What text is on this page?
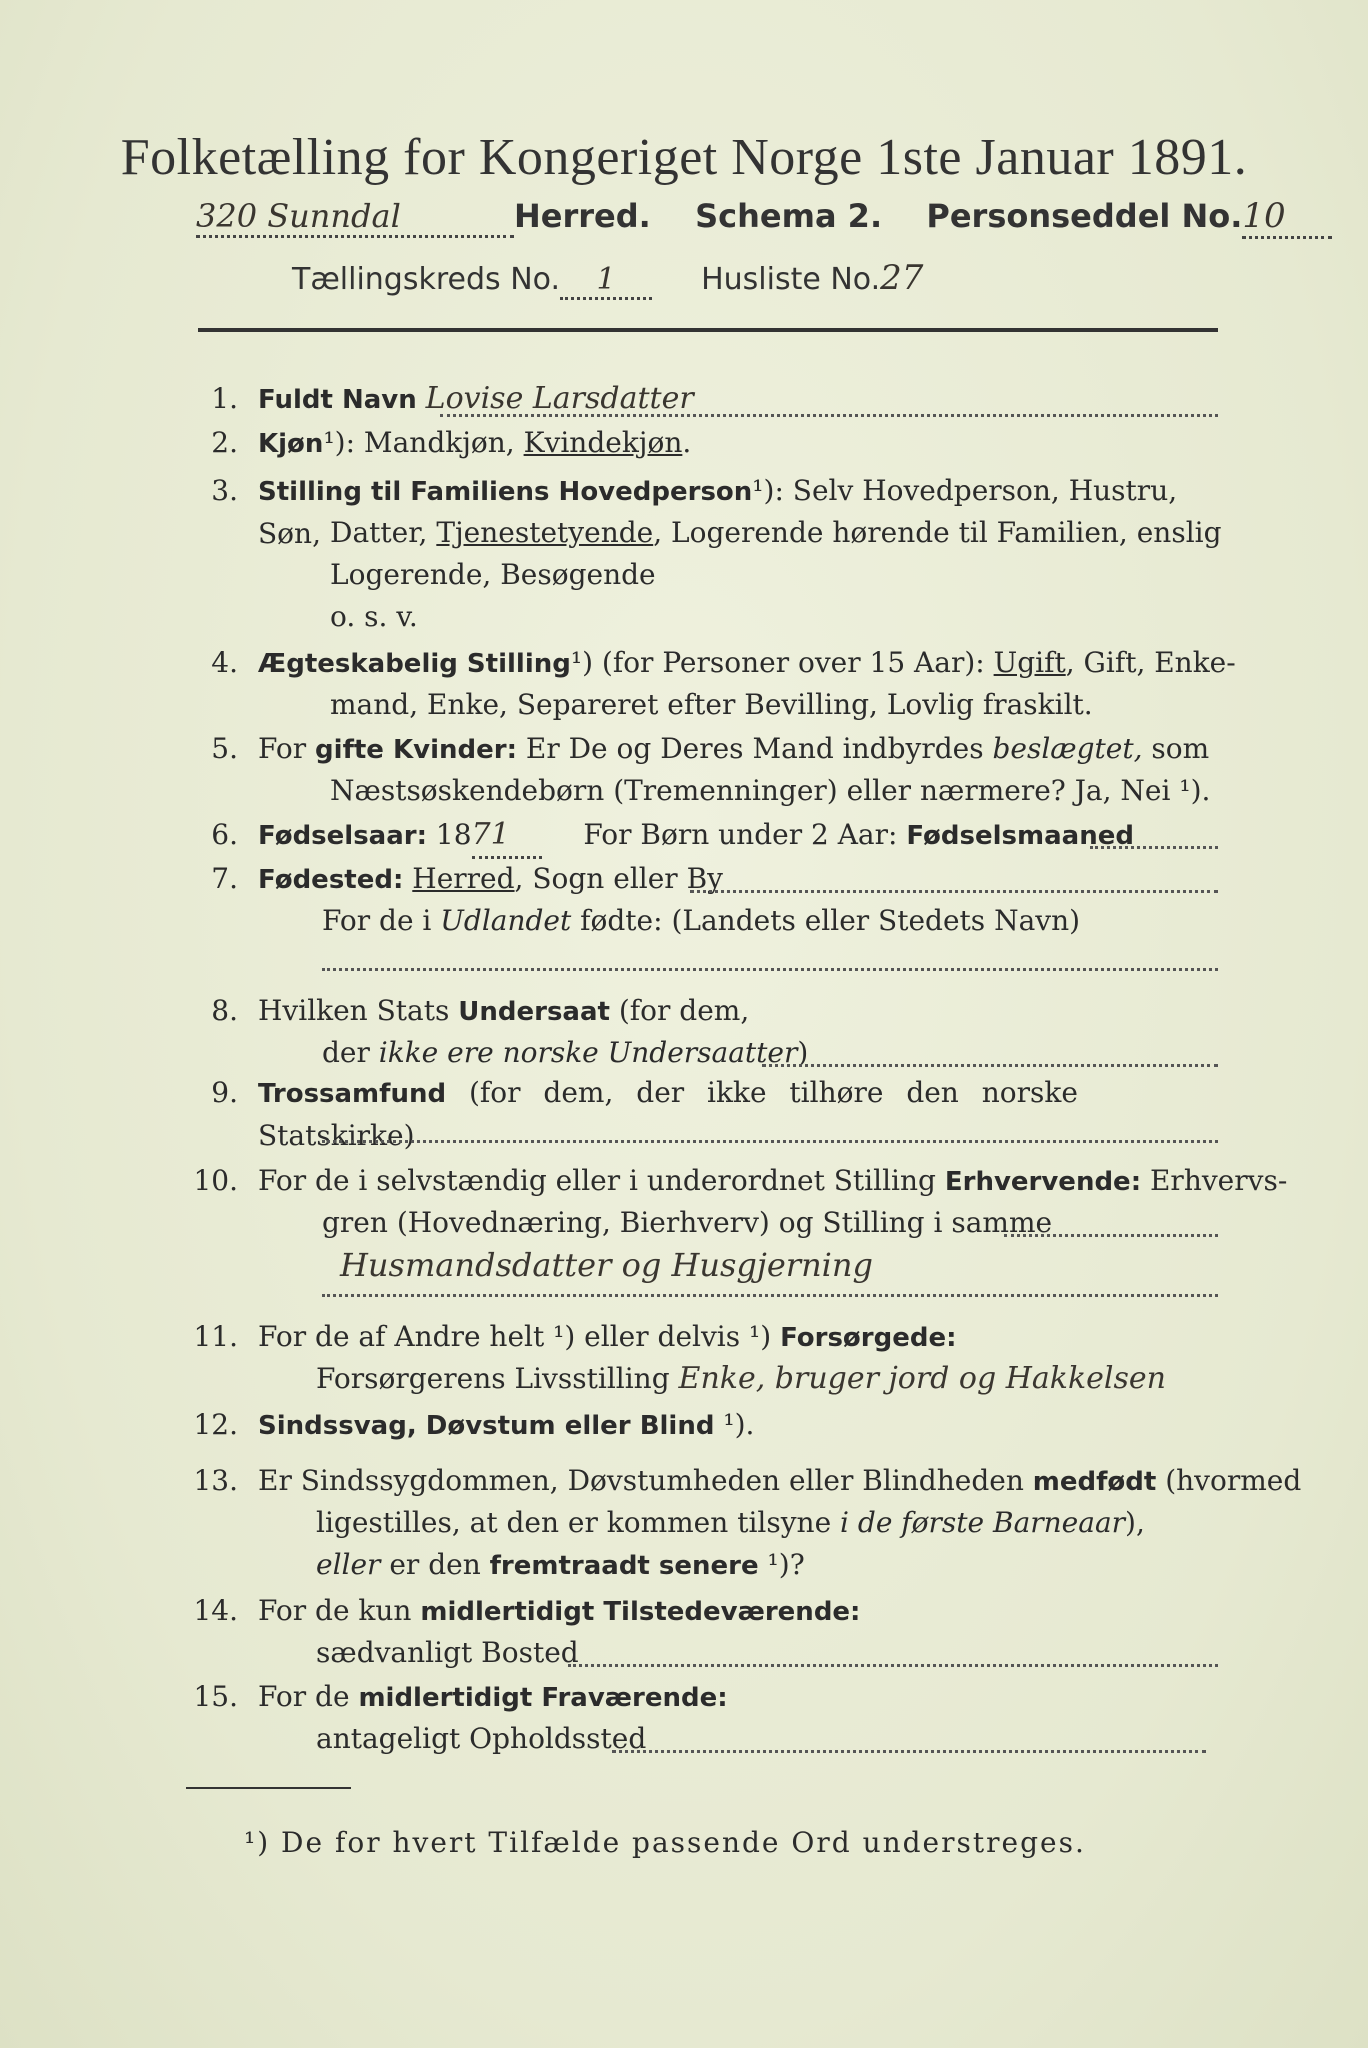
Folketælling for Kongeriget Norge 1ste Januar 1891.
320 Sunndal	Herred. Schema 2. Personseddel No.10
Tællingskreds No. 1	Husliste No.27
1. Fuldt Navn Lovise Larsdatter
2. Kjøn¹): Mandkjøn, Kvindekjøn.
3. Stilling til Familiens Hovedperson¹): Selv Hovedperson, Hustru, Søn, Datter, Tjenestetyende, Logerende hørende til Familien, enslig
Logerende, Besøgende
o. s. v.
4. Ægteskabelig Stilling¹) (for Personer over 15 Aar): Ugift, Gift, Enke-
mand, Enke, Separeret efter Bevilling, Lovlig fraskilt.
5. For gifte Kvinder: Er De og Deres Mand indbyrdes beslægtet, som
Næstsøskendebørn (Tremenninger) eller nærmere? Ja, Nei ¹).
6. Fødselsaar: 1871	For Børn under 2 Aar: Fødselsmaaned
7. Fødested: Herred, Sogn eller By
For de i Udlandet fødte: (Landets eller Stedets Navn)
8. Hvilken Stats Undersaat (for dem,
der ikke ere norske Undersaatter)
9. Trossamfund (for dem, der ikke tilhøre den norske Statskirke)
10. For de i selvstændig eller i underordnet Stilling Erhvervende: Erhvervs-
gren (Hovednæring, Bierhverv) og Stilling i samme
Husmandsdatter og Husgjerning
11. For de af Andre helt ¹) eller delvis ¹) Forsørgede:
Forsørgerens Livsstilling Enke, bruger jord og Hakkelsen
12. Sindssvag, Døvstum eller Blind ¹).
13. Er Sindssygdommen, Døvstumheden eller Blindheden medfødt (hvormed
ligestilles, at den er kommen tilsyne i de første Barneaar),
eller er den fremtraadt senere ¹)?
14. For de kun midlertidigt Tilstedeværende:
sædvanligt Bosted
15. For de midlertidigt Fraværende:
antageligt Opholdssted
¹) De for hvert Tilfælde passende Ord understreges.
